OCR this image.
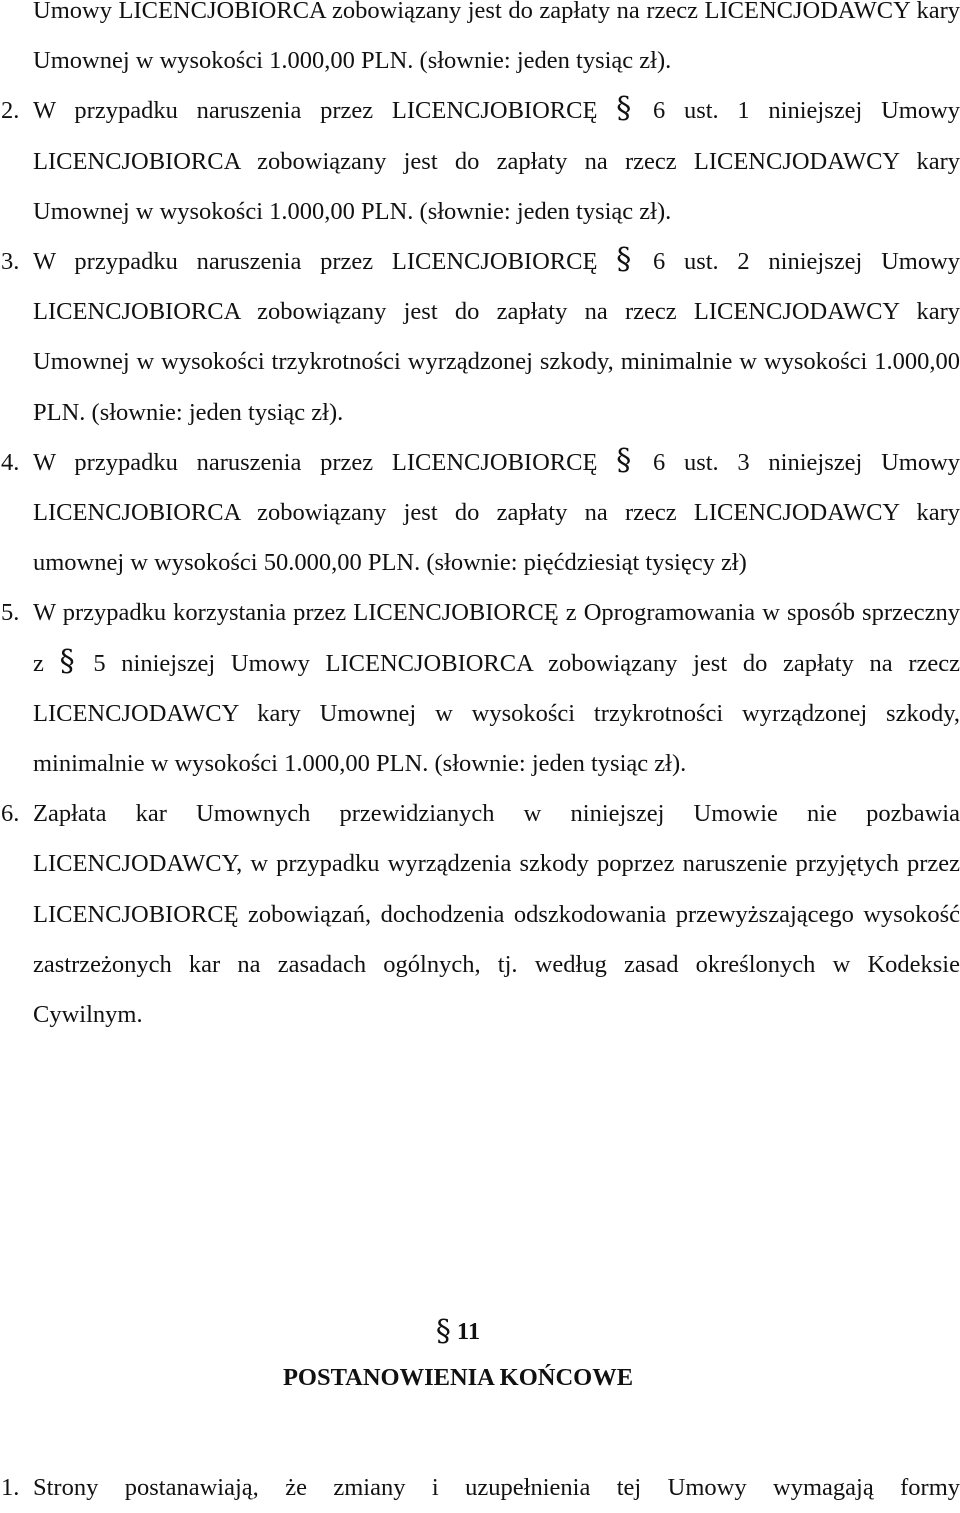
Umowy LICENCJOBIORCA zobowiązany jest do zapłaty na rzecz LICENCJODAWCY kary Umownej w wysokości 1.000,00 PLN. (słownie: jeden tysiąc zł).

2. W przypadku naruszenia przez LICENCJOBIORCĘ § 6 ust. 1 niniejszej Umowy LICENCJOBIORCA zobowiązany jest do zapłaty na rzecz LICENCJODAWCY kary Umownej w wysokości 1.000,00 PLN. (słownie: jeden tysiąc zł).

3. W przypadku naruszenia przez LICENCJOBIORCĘ § 6 ust. 2 niniejszej Umowy LICENCJOBIORCA zobowiązany jest do zapłaty na rzecz LICENCJODAWCY kary Umownej w wysokości trzykrotności wyrządzonej szkody, minimalnie w wysokości 1.000,00 PLN. (słownie: jeden tysiąc zł).

4. W przypadku naruszenia przez LICENCJOBIORCĘ § 6 ust. 3 niniejszej Umowy LICENCJOBIORCA zobowiązany jest do zapłaty na rzecz LICENCJODAWCY kary umownej w wysokości 50.000,00 PLN. (słownie: pięćdziesiąt tysięcy zł)

5. W przypadku korzystania przez LICENCJOBIORCĘ z Oprogramowania w sposób sprzeczny z § 5 niniejszej Umowy LICENCJOBIORCA zobowiązany jest do zapłaty na rzecz LICENCJODAWCY kary Umownej w wysokości trzykrotności wyrządzonej szkody, minimalnie w wysokości 1.000,00 PLN. (słownie: jeden tysiąc zł).

6. Zapłata kar Umownych przewidzianych w niniejszej Umowie nie pozbawia LICENCJODAWCY, w przypadku wyrządzenia szkody poprzez naruszenie przyjętych przez LICENCJOBIORCĘ zobowiązań, dochodzenia odszkodowania przewyższającego wysokość zastrzeżonych kar na zasadach ogólnych, tj. według zasad określonych w Kodeksie Cywilnym.

§ 11
POSTANOWIENIA KOŃCOWE

1. Strony postanawiają, że zmiany i uzupełnienia tej Umowy wymagają formy
